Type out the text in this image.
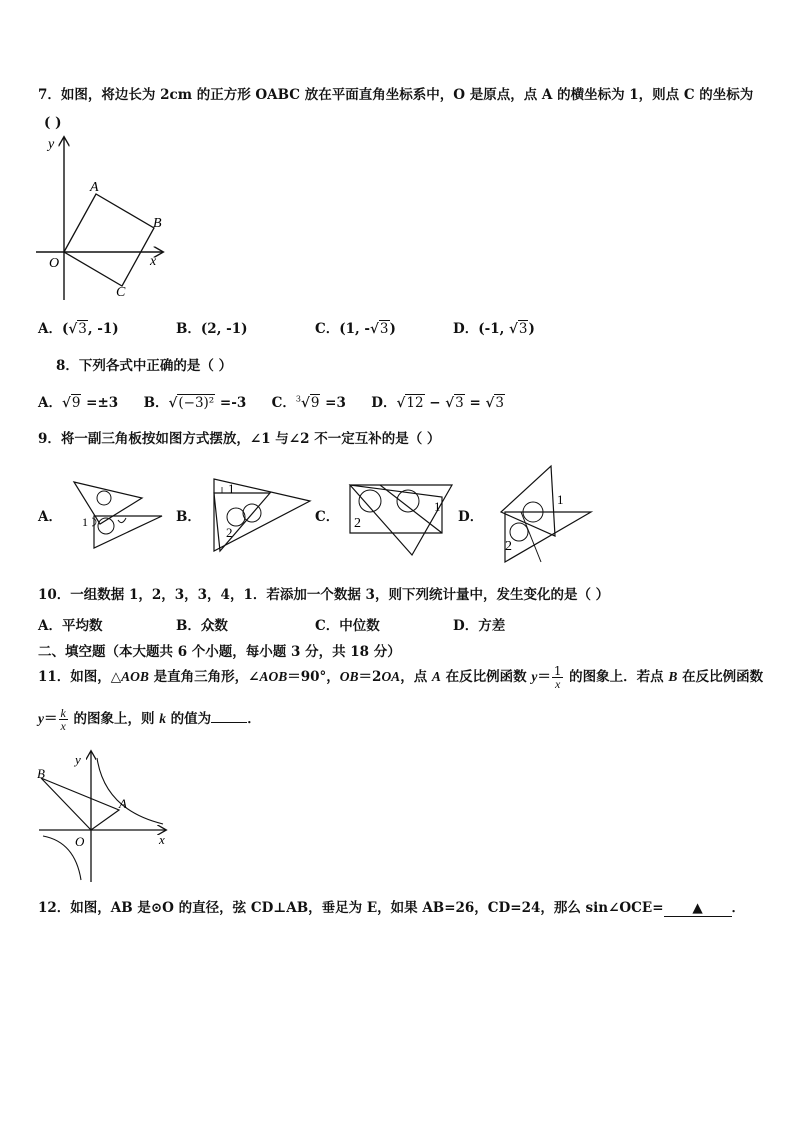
7．如图，将边长为 2cm 的正方形 OABC 放在平面直角坐标系中，O 是原点，点 A 的横坐标为 1，则点 C 的坐标为
( )
y
x
O
A
B
C
A．(√3, -1)	B．(2, -1)	C．(1, -√3)	D．(-1, √3)
8．下列各式中正确的是（ ）
A．√9 =±3 B．√(−3)² =-3 C．$^3$√9 =3 D．√12 − √3 = √3
9．将一副三角板按如图方式摆放，∠1 与∠2 不一定互补的是（ ）
A． 1	B．
1
2
C．
1
2	D．
1
2
10．一组数据 1，2，3，3，4，1．若添加一个数据 3，则下列统计量中，发生变化的是（ ）
A．平均数	B．众数	C．中位数	D．方差
二、填空题（本大题共 6 个小题，每小题 3 分，共 18 分）
11．如图，△AOB 是直角三角形，∠AOB＝90°，OB＝2OA，点 A 在反比例函数 $y= \frac{1}{x}$ 的图象上．若点 B 在反比例函数
$y= \frac{k}{x}$ 的图象上，则 k 的值为	．
y
x
O
A
B
12．如图，AB 是⊙O 的直径，弦 CD⊥AB，垂足为 E，如果 AB=26，CD=24，那么 sin∠OCE= ▲ ．
